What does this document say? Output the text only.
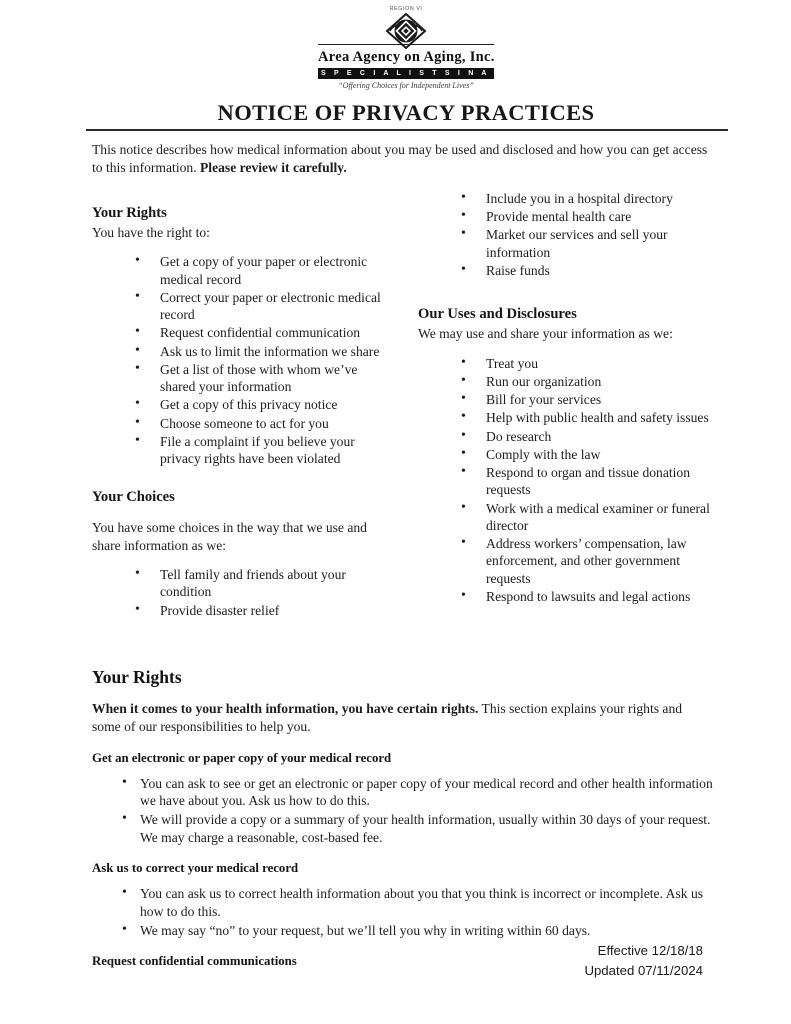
REGION VI
Area Agency on Aging, Inc.
S P E C I A L I S T S I N A G I N G
“Offering Choices for Independent Lives”
NOTICE OF PRIVACY PRACTICES

This notice describes how medical information about you may be used and disclosed and how you can get access to this information. Please review it carefully.

Your Rights

You have the right to:

• Get a copy of your paper or electronic medical record
• Correct your paper or electronic medical record
• Request confidential communication
• Ask us to limit the information we share
• Get a list of those with whom we’ve shared your information
• Get a copy of this privacy notice
• Choose someone to act for you
• File a complaint if you believe your privacy rights have been violated
Your Choices

You have some choices in the way that we use and share information as we:

• Tell family and friends about your condition
• Provide disaster relief
• Include you in a hospital directory
• Provide mental health care
• Market our services and sell your information
• Raise funds
Our Uses and Disclosures

We may use and share your information as we:

• Treat you
• Run our organization
• Bill for your services
• Help with public health and safety issues
• Do research
• Comply with the law
• Respond to organ and tissue donation requests
• Work with a medical examiner or funeral director
• Address workers’ compensation, law enforcement, and other government requests
• Respond to lawsuits and legal actions
Your Rights

When it comes to your health information, you have certain rights. This section explains your rights and some of our responsibilities to help you.

Get an electronic or paper copy of your medical record
• You can ask to see or get an electronic or paper copy of your medical record and other health information we have about you. Ask us how to do this.
• We will provide a copy or a summary of your health information, usually within 30 days of your request. We may charge a reasonable, cost-based fee.
Ask us to correct your medical record
• You can ask us to correct health information about you that you think is incorrect or incomplete. Ask us how to do this.
• We may say “no” to your request, but we’ll tell you why in writing within 60 days.
Request confidential communications
Effective 12/18/18
Updated 07/11/2024
